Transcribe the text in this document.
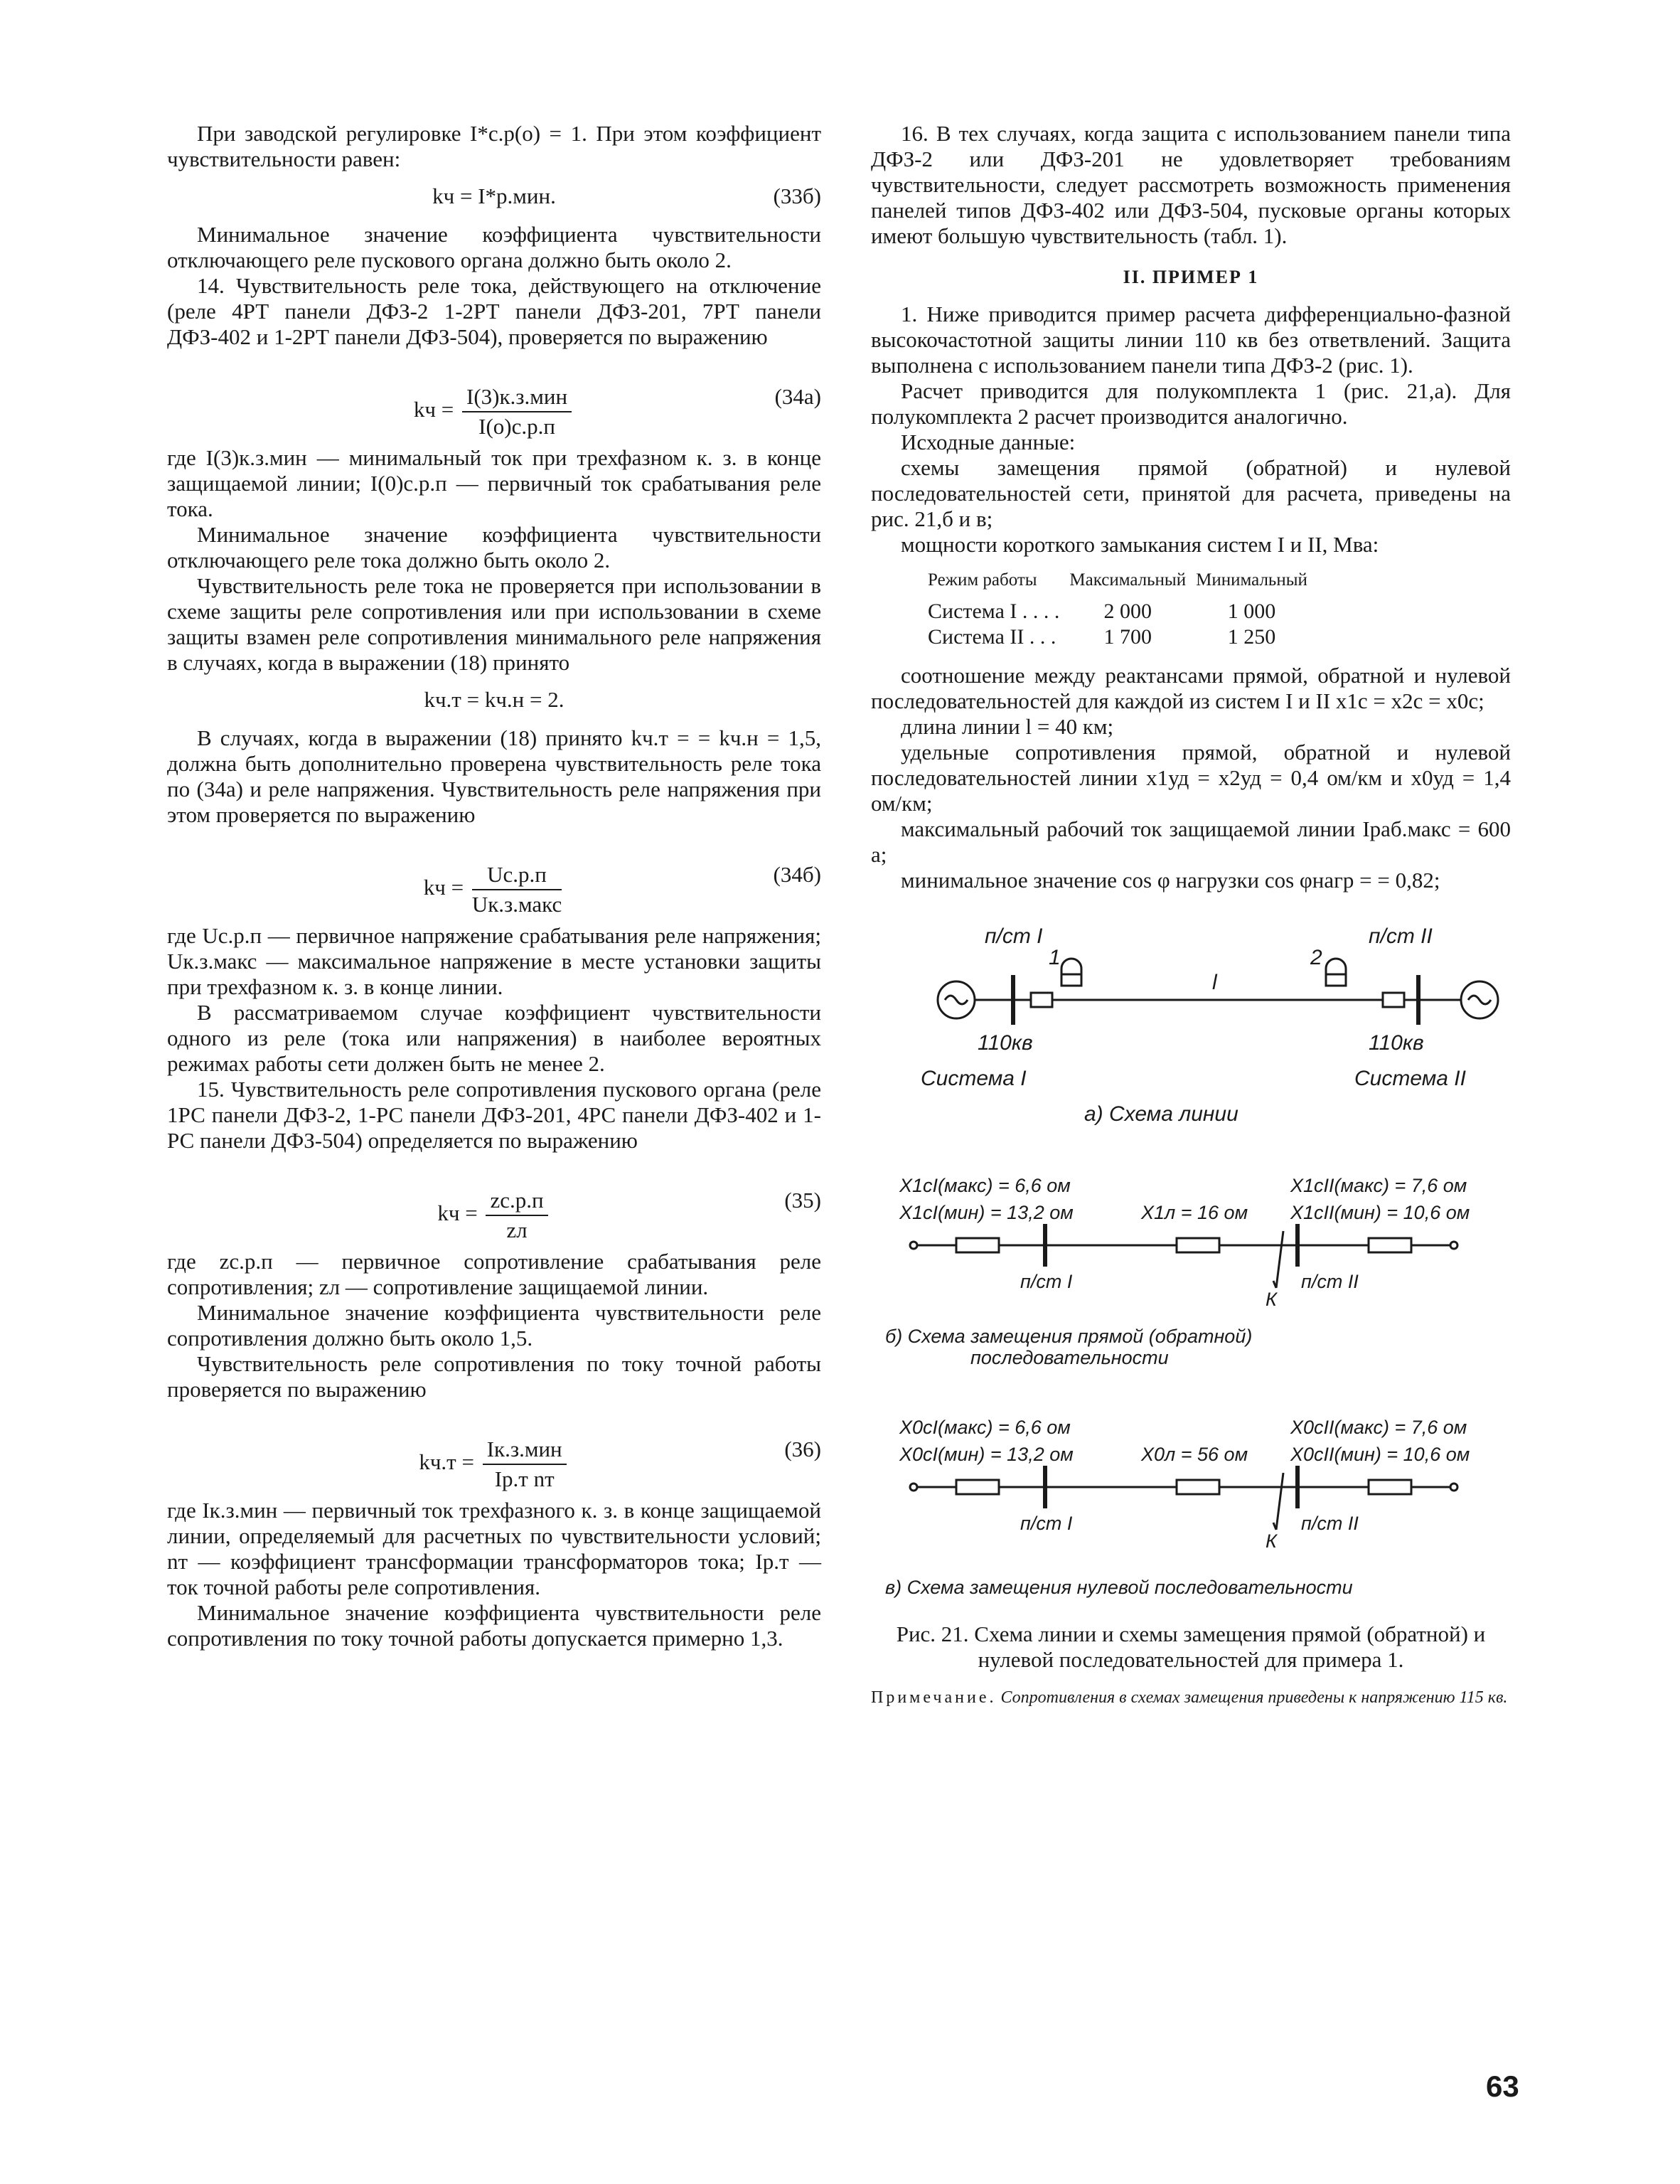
При заводской регулировке I*с.р(о) = 1. При этом коэффициент чувствительности равен:

kч = I*р.мин.	(33б)

Минимальное значение коэффициента чувствительности отключающего реле пускового органа должно быть около 2.

14. Чувствительность реле тока, действующего на отключение (реле 4РТ панели ДФЗ-2 1-2РТ панели ДФЗ-201, 7РТ панели ДФЗ-402 и 1-2РТ панели ДФЗ-504), проверяется по выражению

kч = $\frac{\text{I(3)к.з.мин}}{I(о)с.р.п}$	(34а)

где I(3)к.з.мин — минимальный ток при трехфазном к. з. в конце защищаемой линии; I(0)с.р.п — первичный ток срабатывания реле тока.

Минимальное значение коэффициента чувствительности отключающего реле тока должно быть около 2.

Чувствительность реле тока не проверяется при использовании в схеме защиты реле сопротивления или при использовании в схеме защиты взамен реле сопротивления минимального реле напряжения в случаях, когда в выражении (18) принято

kч.т = kч.н = 2.

В случаях, когда в выражении (18) принято kч.т = = kч.н = 1,5, должна быть дополнительно проверена чувствительность реле тока по (34а) и реле напряжения. Чувствительность реле напряжения при этом проверяется по выражению

kч = $\frac{Uс.р.п}{\text{Uк.з.макс}}$	(34б)

где Uс.р.п — первичное напряжение срабатывания реле напряжения; Uк.з.макс — максимальное напряжение в месте установки защиты при трехфазном к. з. в конце линии.

В рассматриваемом случае коэффициент чувствительности одного из реле (тока или напряжения) в наиболее вероятных режимах работы сети должен быть не менее 2.

15. Чувствительность реле сопротивления пускового органа (реле 1РС панели ДФЗ-2, 1-РС панели ДФЗ-201, 4РС панели ДФЗ-402 и 1-РС панели ДФЗ-504) определяется по выражению

kч = $\frac{zс.р.п}{zл}$	(35)

где zс.р.п — первичное сопротивление срабатывания реле сопротивления; zл — сопротивление защищаемой линии.

Минимальное значение коэффициента чувствительности реле сопротивления должно быть около 1,5.

Чувствительность реле сопротивления по току точной работы проверяется по выражению

$kч.т = \frac{\text{Iк.з.мин}}{\text{Iр.т nт}}$	(36)

где Iк.з.мин — первичный ток трехфазного к. з. в конце защищаемой линии, определяемый для расчетных по чувствительности условий; nт — коэффициент трансформации трансформаторов тока; Iр.т — ток точной работы реле сопротивления.

Минимальное значение коэффициента чувствительности реле сопротивления по току точной работы допускается примерно 1,3.

16. В тех случаях, когда защита с использованием панели типа ДФЗ-2 или ДФЗ-201 не удовлетворяет требованиям чувствительности, следует рассмотреть возможность применения панелей типов ДФЗ-402 или ДФЗ-504, пусковые органы которых имеют большую чувствительность (табл. 1).

II. ПРИМЕР 1

1. Ниже приводится пример расчета дифференциально-фазной высокочастотной защиты линии 110 кв без ответвлений. Защита выполнена с использованием панели типа ДФЗ-2 (рис. 1).

Расчет приводится для полукомплекта 1 (рис. 21,а). Для полукомплекта 2 расчет производится аналогично.

Исходные данные:

схемы замещения прямой (обратной) и нулевой последовательностей сети, принятой для расчета, приведены на рис. 21,б и в;

мощности короткого замыкания систем I и II, Мва:

Режим работы	Максимальный	Минимальный
Система I . . . .	2 000	1 000
Система II . . .	1 700	1 250

соотношение между реактансами прямой, обратной и нулевой последовательностей для каждой из систем I и II x1с = x2с = x0с;

длина линии l = 40 км;

удельные сопротивления прямой, обратной и нулевой последовательностей линии x1уд = x2уд = 0,4 ом/км и x0уд = 1,4 ом/км;

максимальный рабочий ток защищаемой линии Iраб.макс = 600 а;

минимальное значение cos φ нагрузки cos φнагр = = 0,82;

п/ст I
1
l
2
п/ст II
110кв	110кв
Система I	Система II
а) Схема линии
X1cI(макс) = 6,6 ом
X1cI(мин) = 13,2 ом	X1л = 16 ом
X1cII(макс) = 7,6 ом
X1cII(мин) = 10,6 ом
п/ст I
К
п/ст II
б) Схема замещения прямой (обратной)
последовательности
X0cI(макс) = 6,6 ом
X0cI(мин) = 13,2 ом	X0л = 56 ом
X0cII(макс) = 7,6 ом
X0cII(мин) = 10,6 ом
п/ст I
К
п/ст II
в) Схема замещения нулевой последовательности
Рис. 21. Схема линии и схемы замещения прямой (обратной) и нулевой последовательностей для примера 1.

Примечание. Сопротивления в схемах замещения приведены к напряжению 115 кв.

63
